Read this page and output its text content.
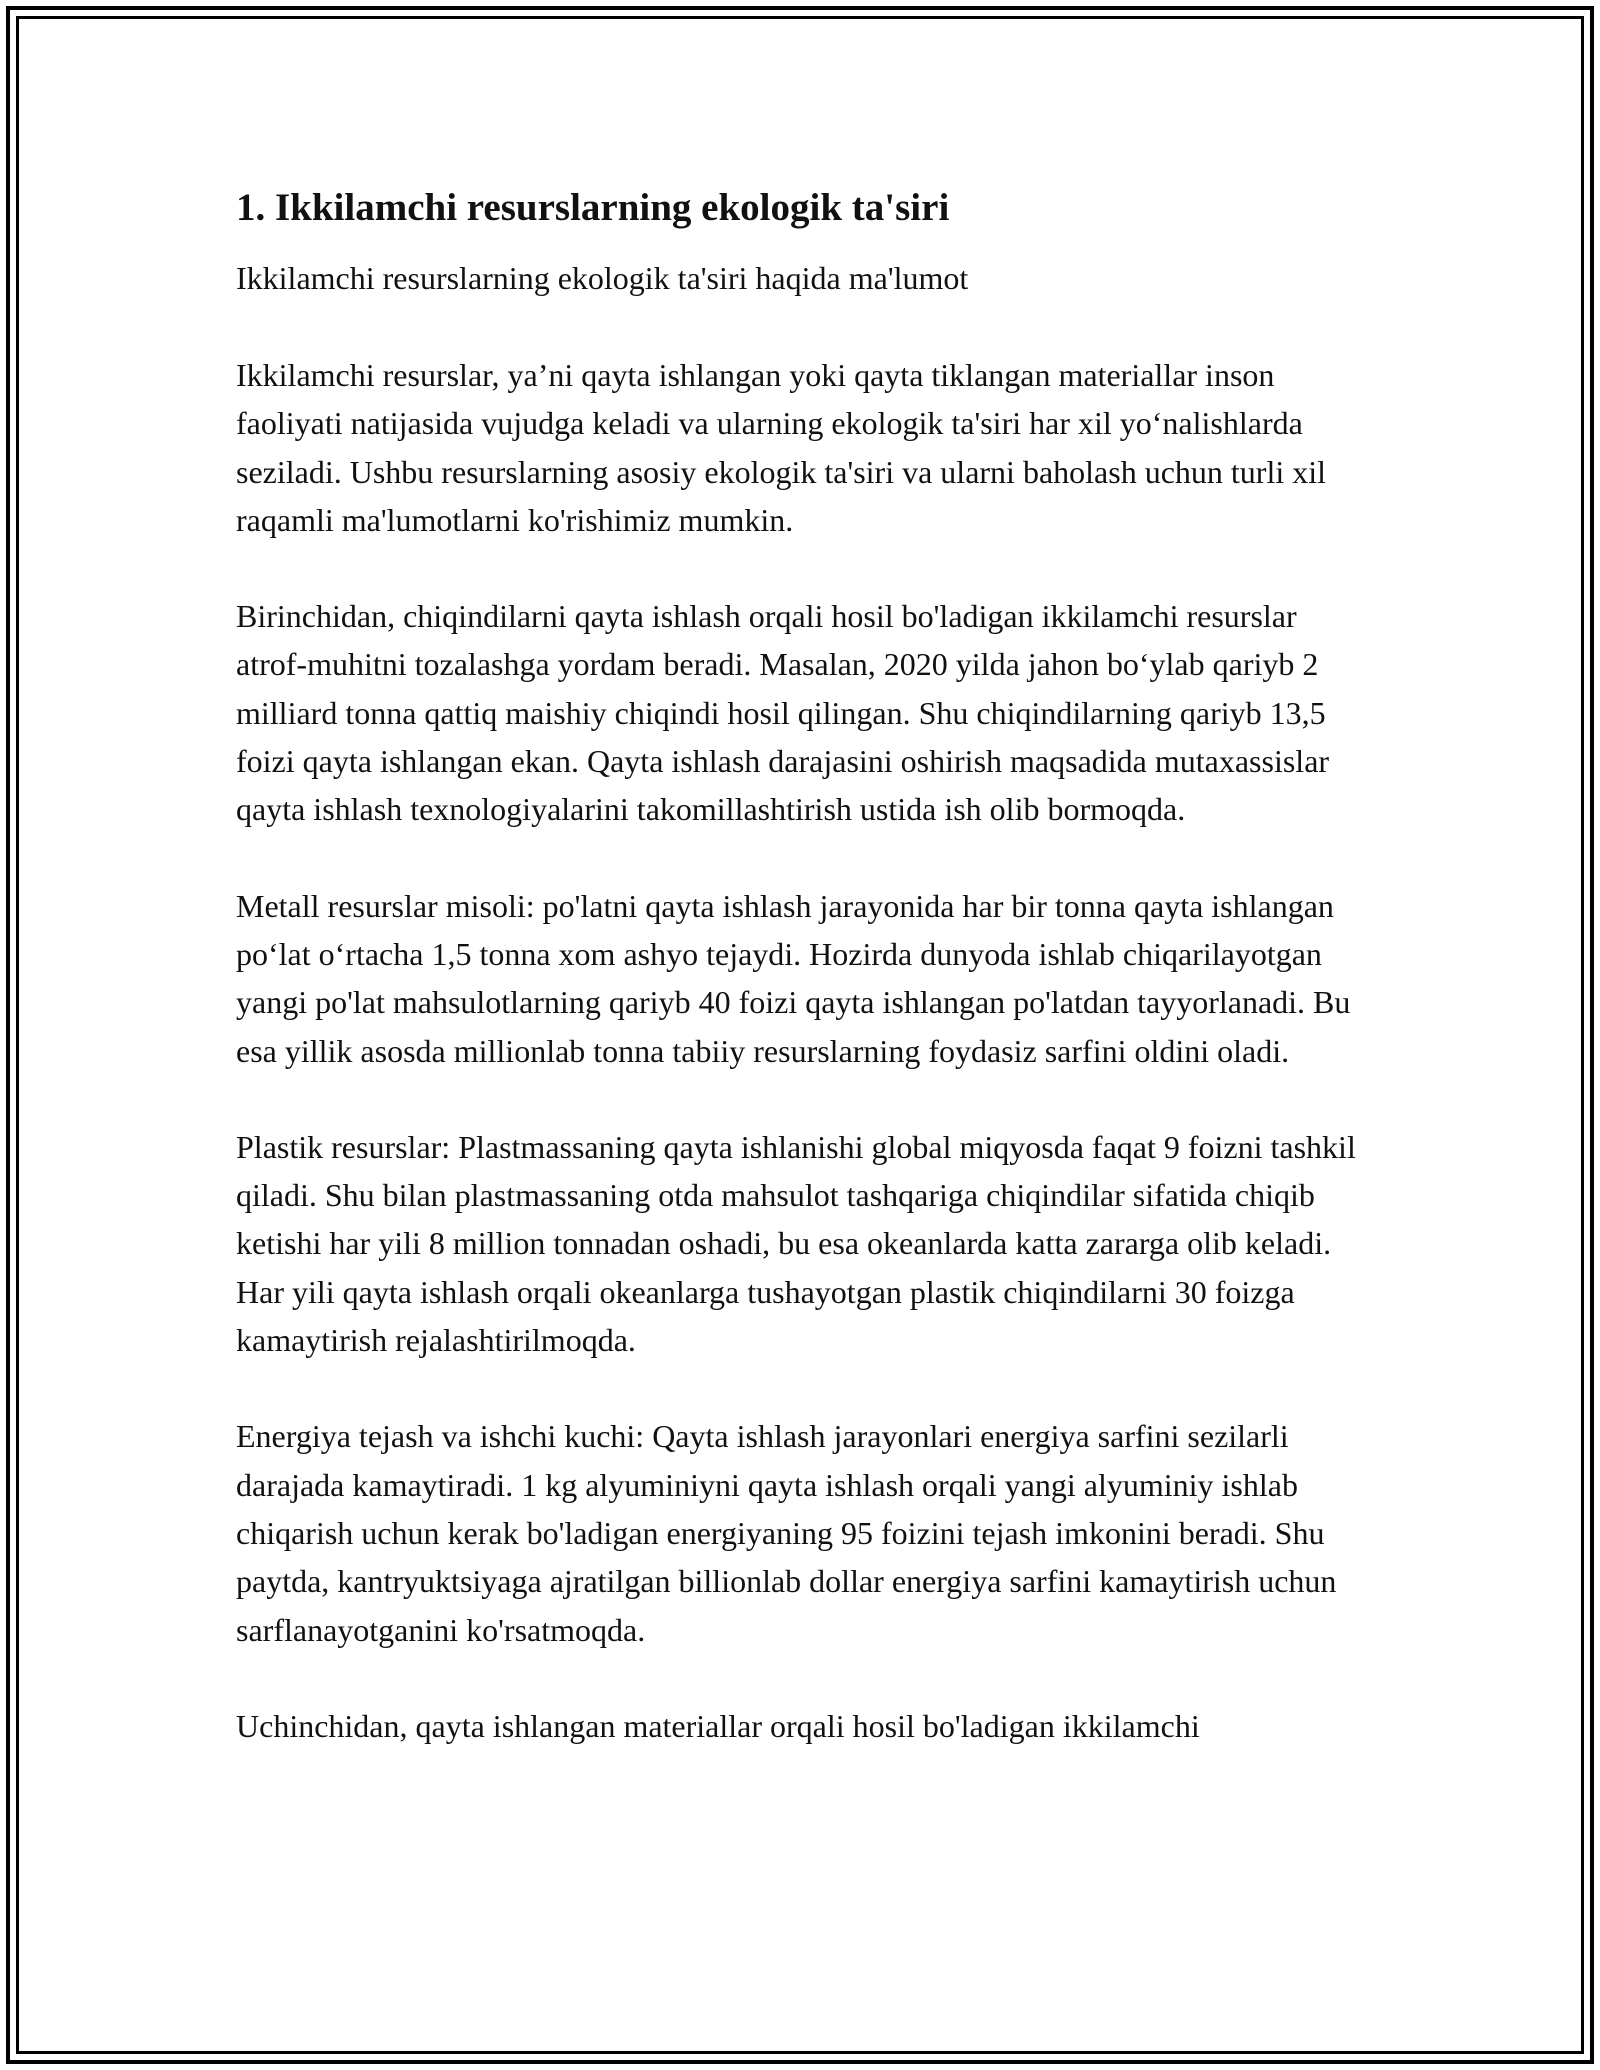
1. Ikkilamchi resurslarning ekologik ta'siri

Ikkilamchi resurslarning ekologik ta'siri haqida ma'lumot

Ikkilamchi resurslar, ya’ni qayta ishlangan yoki qayta tiklangan materiallar inson faoliyati natijasida vujudga keladi va ularning ekologik ta'siri har xil yo‘nalishlarda seziladi. Ushbu resurslarning asosiy ekologik ta'siri va ularni baholash uchun turli xil raqamli ma'lumotlarni ko'rishimiz mumkin.

Birinchidan, chiqindilarni qayta ishlash orqali hosil bo'ladigan ikkilamchi resurslar atrof-muhitni tozalashga yordam beradi. Masalan, 2020 yilda jahon bo‘ylab qariyb 2 milliard tonna qattiq maishiy chiqindi hosil qilingan. Shu chiqindilarning qariyb 13,5 foizi qayta ishlangan ekan. Qayta ishlash darajasini oshirish maqsadida mutaxassislar qayta ishlash texnologiyalarini takomillashtirish ustida ish olib bormoqda.

Metall resurslar misoli: po'latni qayta ishlash jarayonida har bir tonna qayta ishlangan po‘lat o‘rtacha 1,5 tonna xom ashyo tejaydi. Hozirda dunyoda ishlab chiqarilayotgan yangi po'lat mahsulotlarning qariyb 40 foizi qayta ishlangan po'latdan tayyorlanadi. Bu esa yillik asosda millionlab tonna tabiiy resurslarning foydasiz sarfini oldini oladi.

Plastik resurslar: Plastmassaning qayta ishlanishi global miqyosda faqat 9 foizni tashkil qiladi. Shu bilan plastmassaning otda mahsulot tashqariga chiqindilar sifatida chiqib ketishi har yili 8 million tonnadan oshadi, bu esa okeanlarda katta zararga olib keladi. Har yili qayta ishlash orqali okeanlarga tushayotgan plastik chiqindilarni 30 foizga kamaytirish rejalashtirilmoqda.

Energiya tejash va ishchi kuchi: Qayta ishlash jarayonlari energiya sarfini sezilarli darajada kamaytiradi. 1 kg alyuminiyni qayta ishlash orqali yangi alyuminiy ishlab chiqarish uchun kerak bo'ladigan energiyaning 95 foizini tejash imkonini beradi. Shu paytda, kantryuktsiyaga ajratilgan billionlab dollar energiya sarfini kamaytirish uchun sarflanayotganini ko'rsatmoqda.

Uchinchidan, qayta ishlangan materiallar orqali hosil bo'ladigan ikkilamchi
